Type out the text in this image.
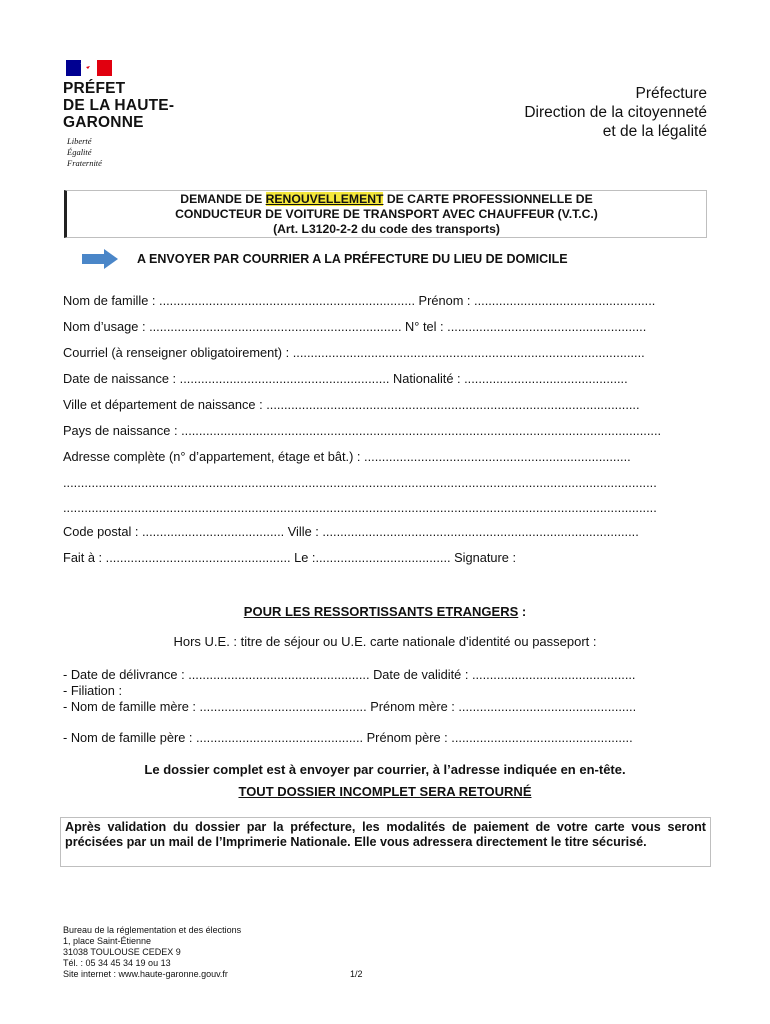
PRÉFET
DE LA HAUTE-
GARONNE
Liberté
Égalité
Fraternité
Préfecture
Direction de la citoyenneté
et de la légalité
DEMANDE DE RENOUVELLEMENT DE CARTE PROFESSIONNELLE DE
CONDUCTEUR DE VOITURE DE TRANSPORT AVEC CHAUFFEUR (V.T.C.)
(Art. L3120-2-2 du code des transports)
A ENVOYER PAR COURRIER A LA PRÉFECTURE DU LIEU DE DOMICILE
Nom de famille : ........................................................................ Prénom : ...................................................
Nom d’usage : ....................................................................... N° tel : ........................................................
Courriel (à renseigner obligatoirement) : ...................................................................................................
Date de naissance : ........................................................... Nationalité : ..............................................
Ville et département de naissance : .........................................................................................................
Pays de naissance : .......................................................................................................................................
Adresse complète (n° d’appartement, étage et bât.) : ...........................................................................
.......................................................................................................................................................................
.......................................................................................................................................................................
Code postal : ........................................ Ville : .........................................................................................
Fait à : .................................................... Le :...................................... Signature :
POUR LES RESSORTISSANTS ETRANGERS :
Hors U.E. : titre de séjour ou U.E. carte nationale d'identité ou passeport :
- Date de délivrance : ................................................... Date de validité : ..............................................
- Filiation :
- Nom de famille mère : ............................................... Prénom mère : ..................................................
- Nom de famille père : ............................................... Prénom père : ...................................................
Le dossier complet est à envoyer par courrier, à l’adresse indiquée en en-tête.
TOUT DOSSIER INCOMPLET SERA RETOURNÉ
Après validation du dossier par la préfecture, les modalités de paiement de votre carte vous seront précisées par un mail de l’Imprimerie Nationale. Elle vous adressera directement le titre sécurisé.
Bureau de la réglementation et des élections
1, place Saint-Étienne
31038 TOULOUSE CEDEX 9
Tél. : 05 34 45 34 19 ou 13
Site internet : www.haute-garonne.gouv.fr	1/2
